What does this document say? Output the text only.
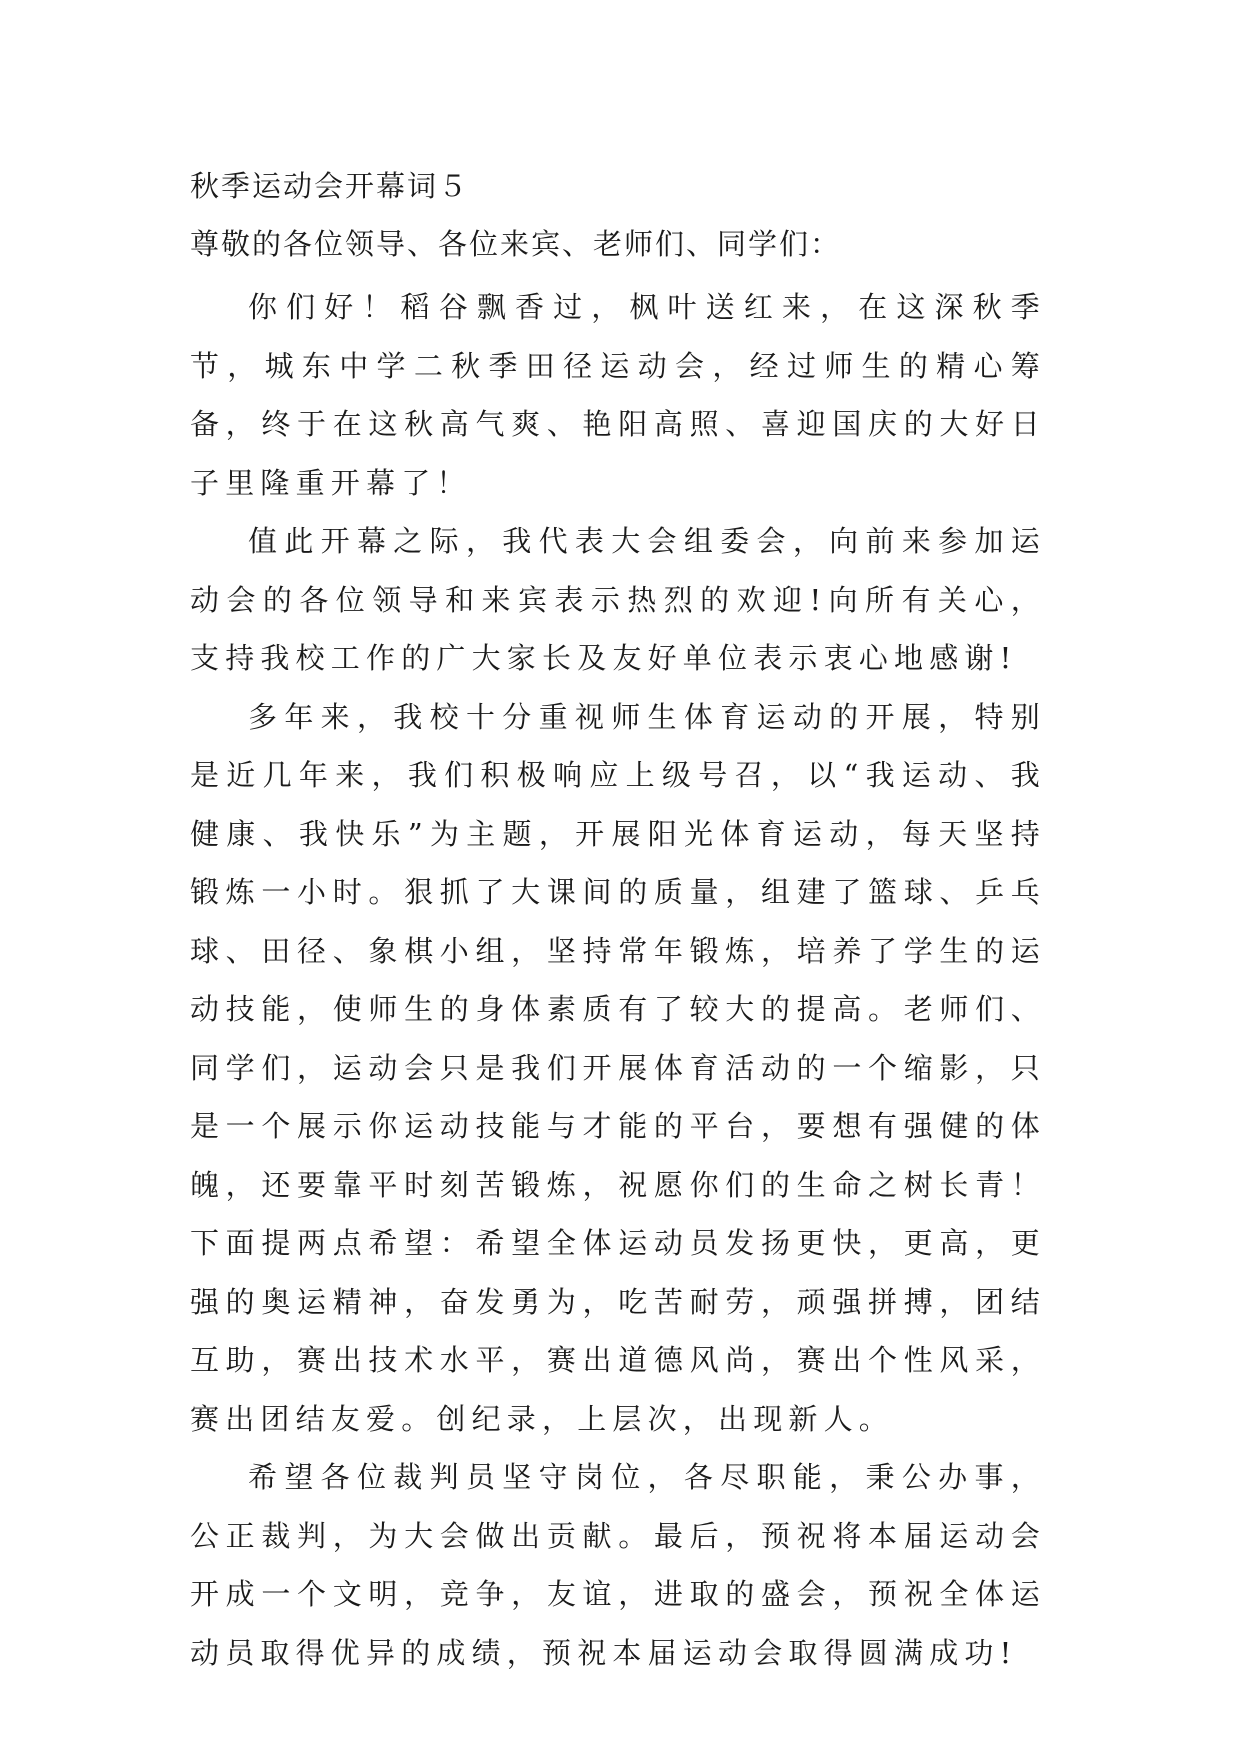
秋季运动会开幕词５
尊敬的各位领导、各位来宾、老师们、同学们：

你们好！稻谷飘香过，枫叶送红来，在这深秋季节，城东中学二秋季田径运动会，经过师生的精心筹备，终于在这秋高气爽、艳阳高照、喜迎国庆的大好日子里隆重开幕了！

值此开幕之际，我代表大会组委会，向前来参加运动会的各位领导和来宾表示热烈的欢迎!向所有关心，支持我校工作的广大家长及友好单位表示衷心地感谢!

多年来，我校十分重视师生体育运动的开展，特别是近几年来，我们积极响应上级号召，以“我运动、我健康、我快乐”为主题，开展阳光体育运动，每天坚持锻炼一小时。狠抓了大课间的质量，组建了篮球、乒乓球、田径、象棋小组，坚持常年锻炼，培养了学生的运动技能，使师生的身体素质有了较大的提高。老师们、同学们，运动会只是我们开展体育活动的一个缩影，只是一个展示你运动技能与才能的平台，要想有强健的体魄，还要靠平时刻苦锻炼，祝愿你们的生命之树长青！下面提两点希望：希望全体运动员发扬更快，更高，更强的奥运精神，奋发勇为，吃苦耐劳，顽强拼搏，团结互助，赛出技术水平，赛出道德风尚，赛出个性风采，赛出团结友爱。创纪录，上层次，出现新人。

希望各位裁判员坚守岗位，各尽职能，秉公办事，公正裁判，为大会做出贡献。最后，预祝将本届运动会开成一个文明，竞争，友谊，进取的盛会，预祝全体运动员取得优异的成绩，预祝本届运动会取得圆满成功!
